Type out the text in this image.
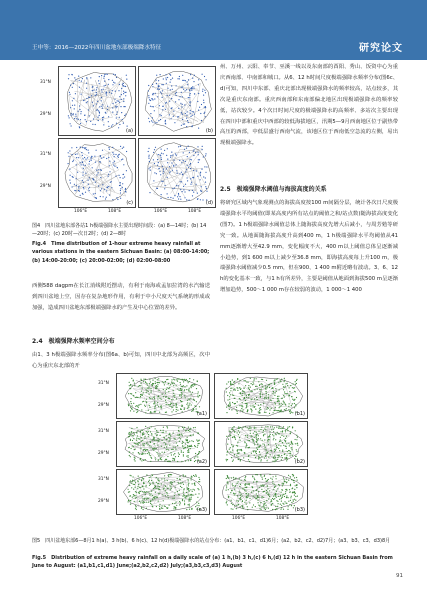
王申等：2016—2022年四川盆地东部极端降水特征	研究论文
(a)	(b)
(c)	(d)
31°N
29°N
31°N
29°N
106°E	108°E	106°E	108°E
图4　四川盆地东部各站1 h极端强降水主要出现时间段：(a) 8—14时；(b) 14—20时；(c) 20时—次日2时；(d) 2—8时
Fig.4　Time distribution of 1-hour extreme heavy rainfall at various stations in the eastern Sichuan Basin: (a) 08:00-14:00; (b) 14:00-20:00; (c) 20:00-02:00; (d) 02:00-08:00
西侧588 dagpm在长江消线附近摆动，有利于南海或孟加拉湾的水汽输送到四川盆地上空，因存在复杂地形作用，有利于中小尺度天气系统的形成或加强，造成四川盆地东部极端强降水的产生及中心位置的差异。
2.4　极端强降水频率空间分布
由1、3 h极端强降水频率分布(图6a、b)可知，四川中北部为高频区，次中心为重庆东北部的开
州、万州、云阳、奉节、巫溪一线以及东南部的酉阳、秀山、饭资中心为重庆西南部、中南部和城口。从6、12 h时间尺度极端强降水频率分布(图6c、d)可知，四川中东部、重庆北部出现极端强降水的频率较高，站点较多，其次是重庆东南部。重庆西南部和东南部偏北地区出现极端强降水的频率较低，站次较少。4个次日时间尺度的极端强降水的高频率、多站次主要出现在四川中部和重庆中西部的较低海拔地区，汛期5—9月西南地区位于副热带高压的西部，中低层盛行西南气流，该地区位于西南低空急流的左侧，易出现极端强降水。
2.5　极端强降水阈值与海拔高度的关系
将研究区域内气象观测点的海拔高度按100 m间隔分层，统计各次日尺度极端强降水平均阈值(即某高度内所有站点的阈值之和/站点数)随海拔高度变化(图7)。1 h极端强降水阈值总体上随海拔高度先增大后减小，与周芳勉等研究一致。从地面随海拔高度升高到400 m，1 h极端强降水平均阈值从41 mm逐渐增大至42.9 mm，变化幅度不大，400 m以上阈值总体呈逐渐减小趋势，到1 600 m以上减少至36.8 mm，即海拔高度每上升100 m，极端强降水阈值减少0.5 mm，但在900、1 400 m附近略有波动。3、6、12 h的变化基本一致，与1 h有所差异，主要是阈值从地面到海拔500 m呈逐渐增加趋势，500～1 000 m存在较弱的波动，1 000～1 400
(a1)	(b1)
31°N
29°N
(a2)	(b2)
31°N
29°N
(a3)	(b3)
31°N
29°N
106°E	108°E	106°E	108°E
图5　四川盆地东部6—8月1 h(a)、3 h(b)、6 h(c)、12 h(d)极端强降水的站点分布：(a1、b1、c1、d1)6月；(a2、b2、c2、d2)7月；(a3、b3、c3、d3)8月
Fig.5　Distribution of extreme heavy rainfall on a daily scale of (a) 1 h,(b) 3 h,(c) 6 h,(d) 12 h in the eastern Sichuan Basin from June to August: (a1,b1,c1,d1) June;(a2,b2,c2,d2) July;(a3,b3,c3,d3) August
91
